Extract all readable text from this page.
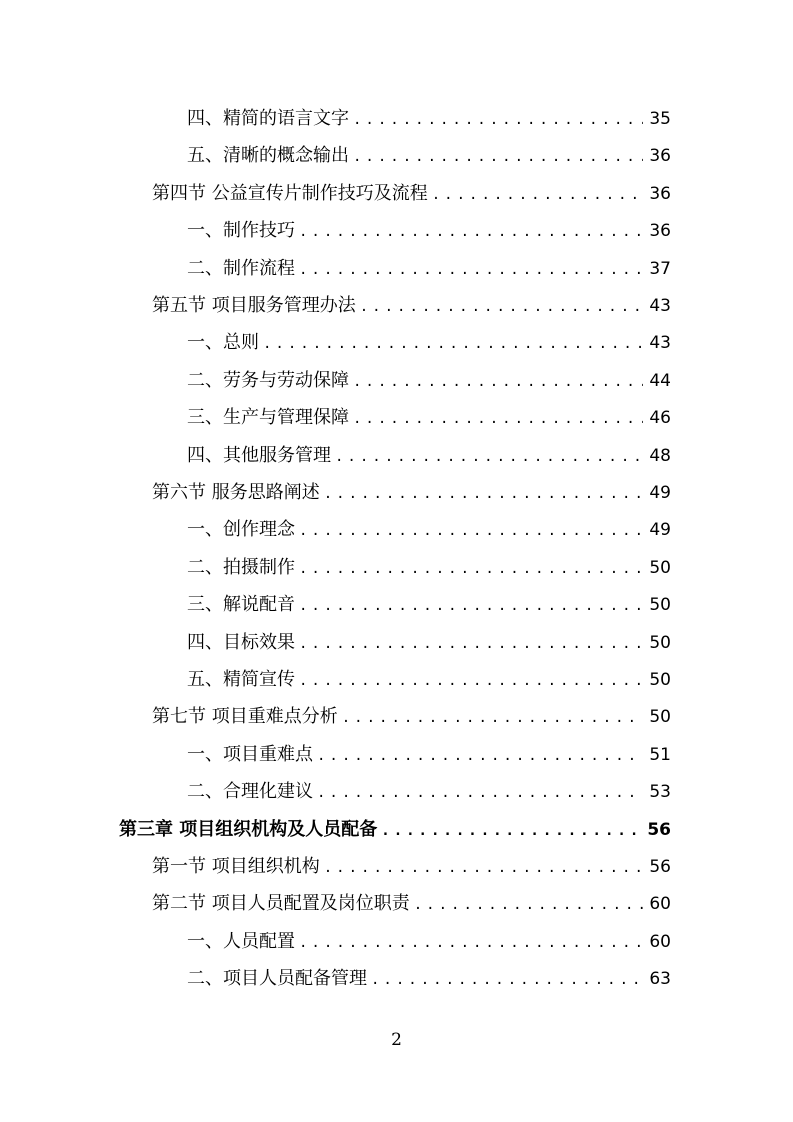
四、精简的语言文字 .....	35
五、清晰的概念输出 .....	36
第四节 公益宣传片制作技巧及流程 .....	36
一、制作技巧 .....	36
二、制作流程 .....	37
第五节 项目服务管理办法 .....	43
一、总则 .....	43
二、劳务与劳动保障 .....	44
三、生产与管理保障 .....	46
四、其他服务管理 .....	48
第六节 服务思路阐述 .....	49
一、创作理念 .....	49
二、拍摄制作 .....	50
三、解说配音 .....	50
四、目标效果 .....	50
五、精简宣传 .....	50
第七节 项目重难点分析 .....	50
一、项目重难点 .....	51
二、合理化建议 .....	53
第三章 项目组织机构及人员配备 .....	56
第一节 项目组织机构 .....	56
第二节 项目人员配置及岗位职责 .....	60
一、人员配置 .....	60
二、项目人员配备管理 .....	63
2
